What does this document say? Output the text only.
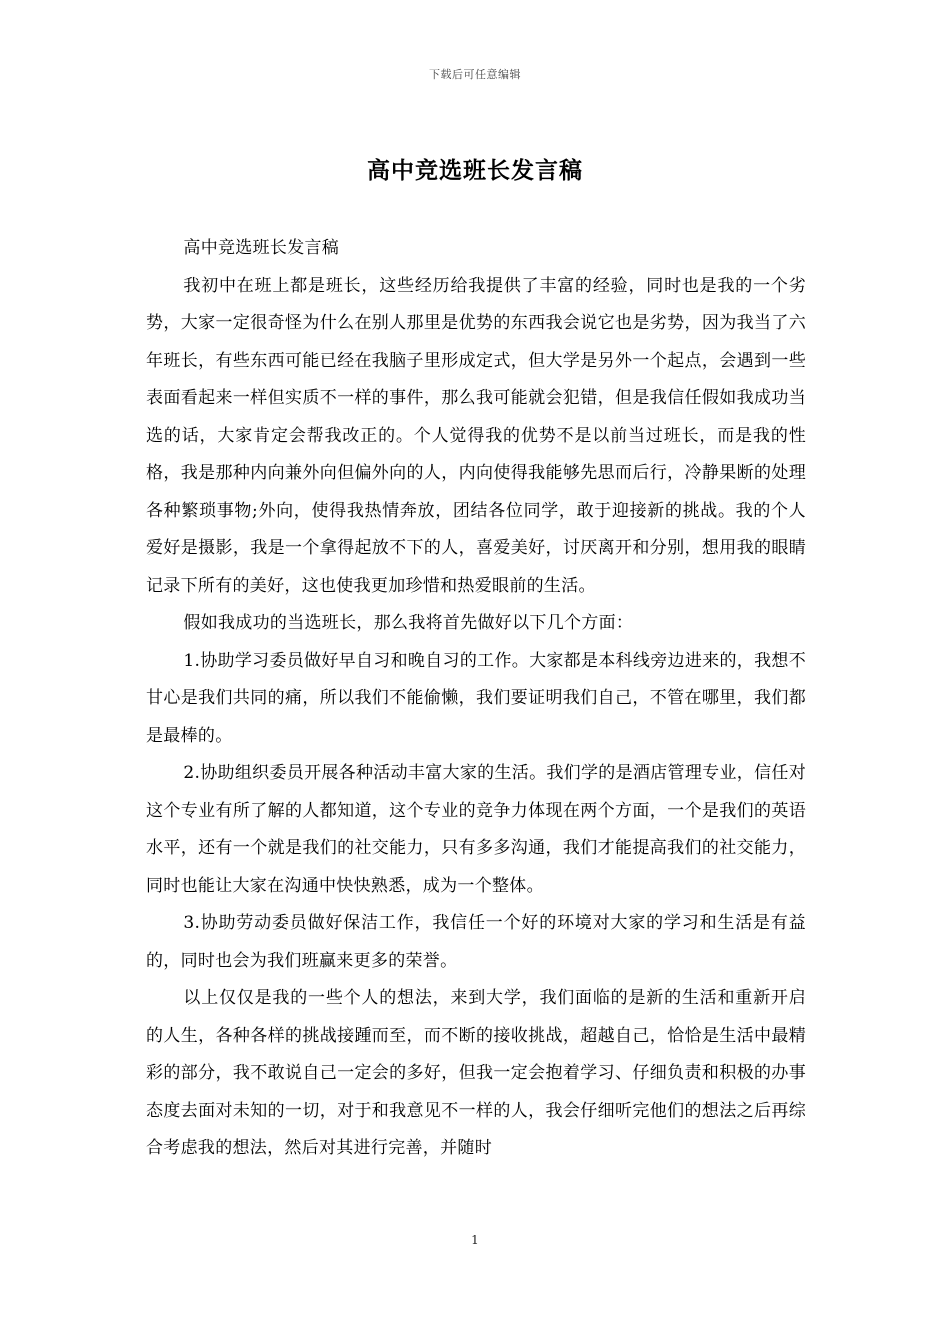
下载后可任意编辑
高中竞选班长发言稿

高中竞选班长发言稿

我初中在班上都是班长，这些经历给我提供了丰富的经验，同时也是我的一个劣势，大家一定很奇怪为什么在别人那里是优势的东西我会说它也是劣势，因为我当了六年班长，有些东西可能已经在我脑子里形成定式，但大学是另外一个起点，会遇到一些表面看起来一样但实质不一样的事件，那么我可能就会犯错，但是我信任假如我成功当选的话，大家肯定会帮我改正的。个人觉得我的优势不是以前当过班长，而是我的性格，我是那种内向兼外向但偏外向的人，内向使得我能够先思而后行，冷静果断的处理各种繁琐事物;外向，使得我热情奔放，团结各位同学，敢于迎接新的挑战。我的个人爱好是摄影，我是一个拿得起放不下的人，喜爱美好，讨厌离开和分别，想用我的眼睛记录下所有的美好，这也使我更加珍惜和热爱眼前的生活。

假如我成功的当选班长，那么我将首先做好以下几个方面：

1.协助学习委员做好早自习和晚自习的工作。大家都是本科线旁边进来的，我想不甘心是我们共同的痛，所以我们不能偷懒，我们要证明我们自己，不管在哪里，我们都是最棒的。

2.协助组织委员开展各种活动丰富大家的生活。我们学的是酒店管理专业，信任对这个专业有所了解的人都知道，这个专业的竞争力体现在两个方面，一个是我们的英语水平，还有一个就是我们的社交能力，只有多多沟通，我们才能提高我们的社交能力，同时也能让大家在沟通中快快熟悉，成为一个整体。

3.协助劳动委员做好保洁工作，我信任一个好的环境对大家的学习和生活是有益的，同时也会为我们班赢来更多的荣誉。

以上仅仅是我的一些个人的想法，来到大学，我们面临的是新的生活和重新开启的人生，各种各样的挑战接踵而至，而不断的接收挑战，超越自己，恰恰是生活中最精彩的部分，我不敢说自己一定会的多好，但我一定会抱着学习、仔细负责和积极的办事态度去面对未知的一切，对于和我意见不一样的人，我会仔细听完他们的想法之后再综合考虑我的想法，然后对其进行完善，并随时

1
